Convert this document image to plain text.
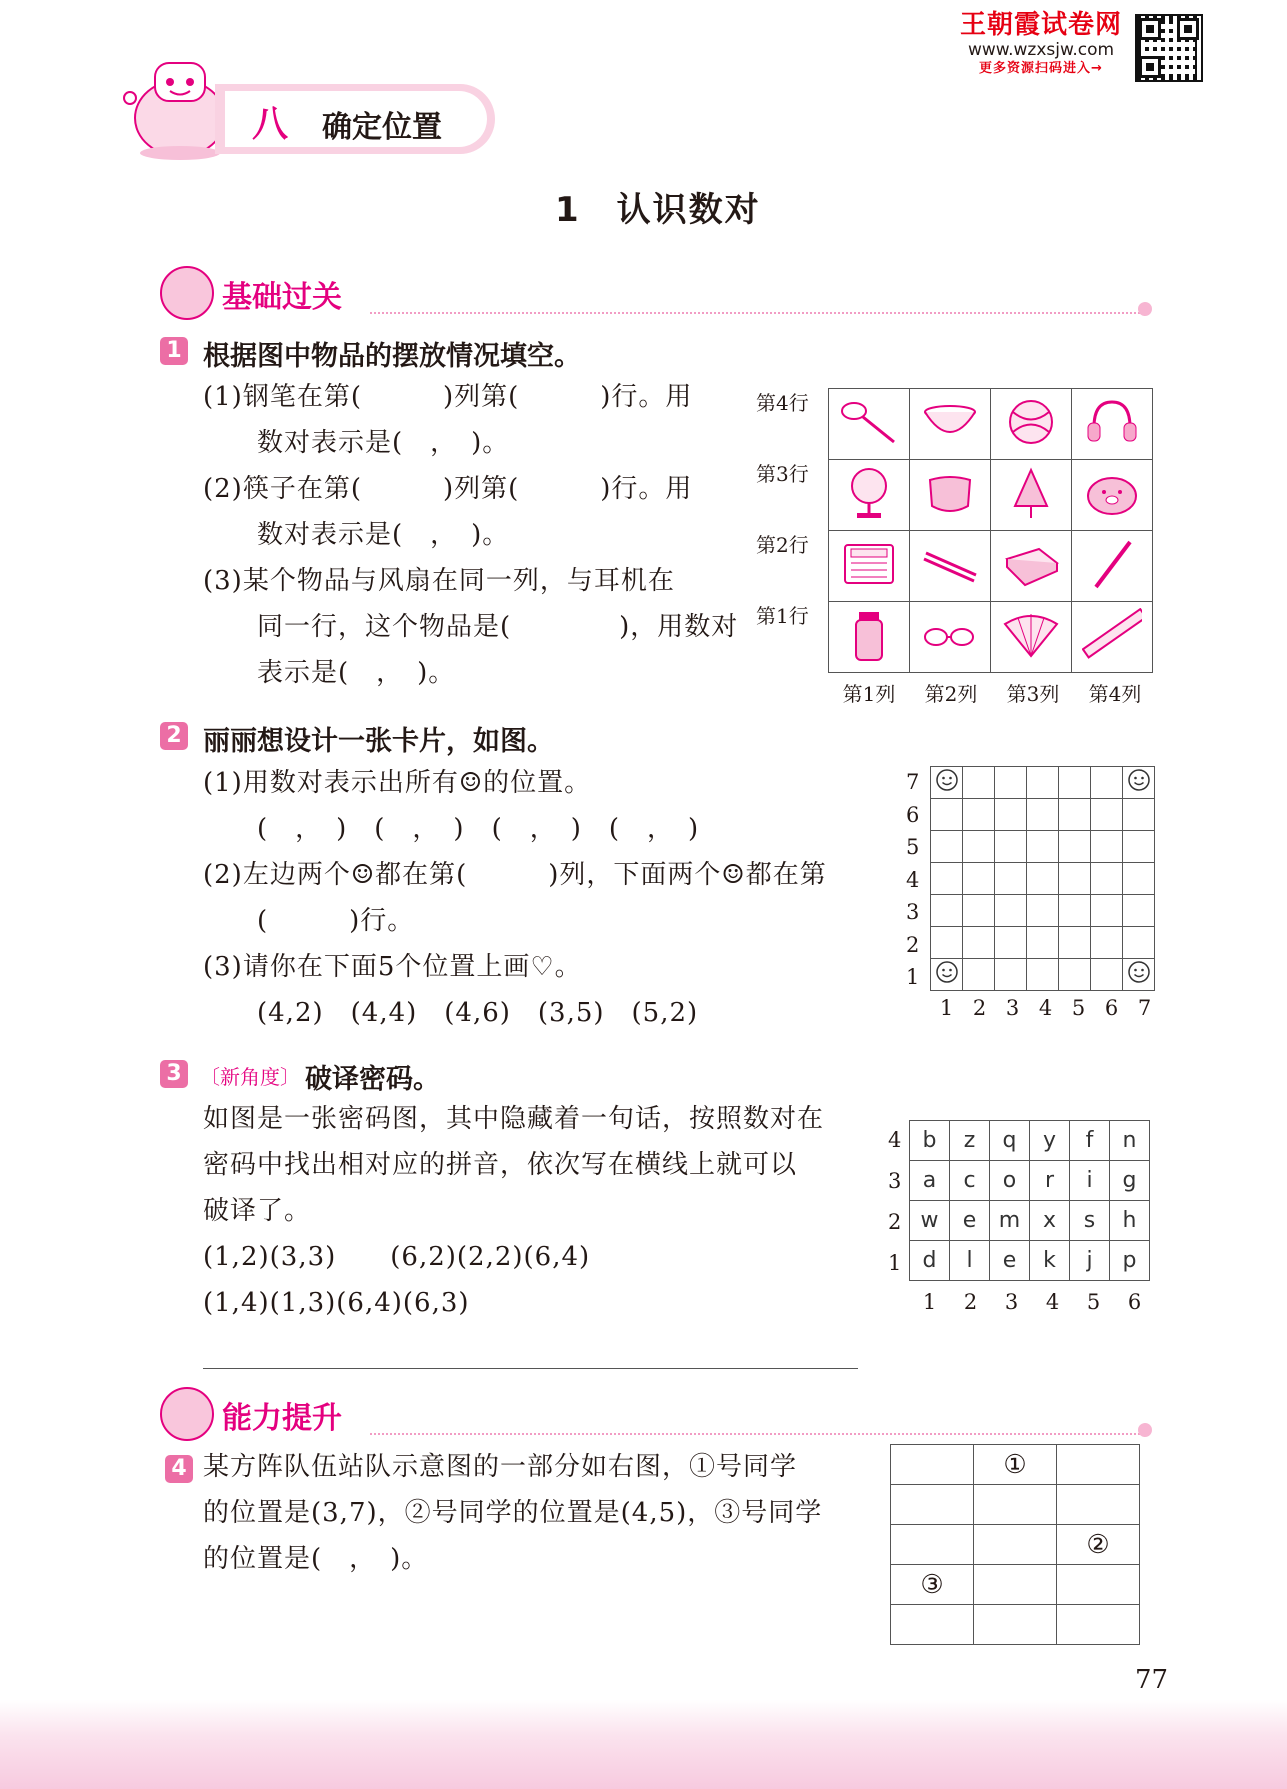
王朝霞试卷网
www.wzxsjw.com
更多资源扫码进入→
八 确定位置
1　认识数对
基础过关
1 根据图中物品的摆放情况填空。
(1)钢笔在第(　　　)列第(　　　)行。用
　　数对表示是(　，　)。
(2)筷子在第(　　　)列第(　　　)行。用
　　数对表示是(　，　)。
(3)某个物品与风扇在同一列，与耳机在
　　同一行，这个物品是(　　　　)，用数对
　　表示是(　，　)。
第4行
第3行
第2行
第1行

第1列	第2列	第3列	第4列
2 丽丽想设计一张卡片，如图。
(1)用数对表示出所有☺的位置。
　　(　，　)　(　，　)　(　，　)　(　，　)
(2)左边两个☺都在第(　　　)列，下面两个☺都在第
　　(　　　)行。
(3)请你在下面5个位置上画♡。
　　(4,2)　(4,4)　(4,6)　(3,5)　(5,2)
7
6
5
4
3
2
1

1 2 3 4 5 6 7
3 〔新角度〕 破译密码。
如图是一张密码图，其中隐藏着一句话，按照数对在
密码中找出相对应的拼音，依次写在横线上就可以
破译了。
(1,2)(3,3)　　(6,2)(2,2)(6,4)
(1,4)(1,3)(6,4)(6,3)
4
3
2
1
b	z	q	y	f	n
a	c	o	r	i	g
w	e	m	x	s	h
d	l	e	k	j	p
1	2	3	4	5	6
能力提升
4 某方阵队伍站队示意图的一部分如右图，①号同学
的位置是(3,7)，②号同学的位置是(4,5)，③号同学
的位置是(　，　)。
	①	

		②
③		

77
